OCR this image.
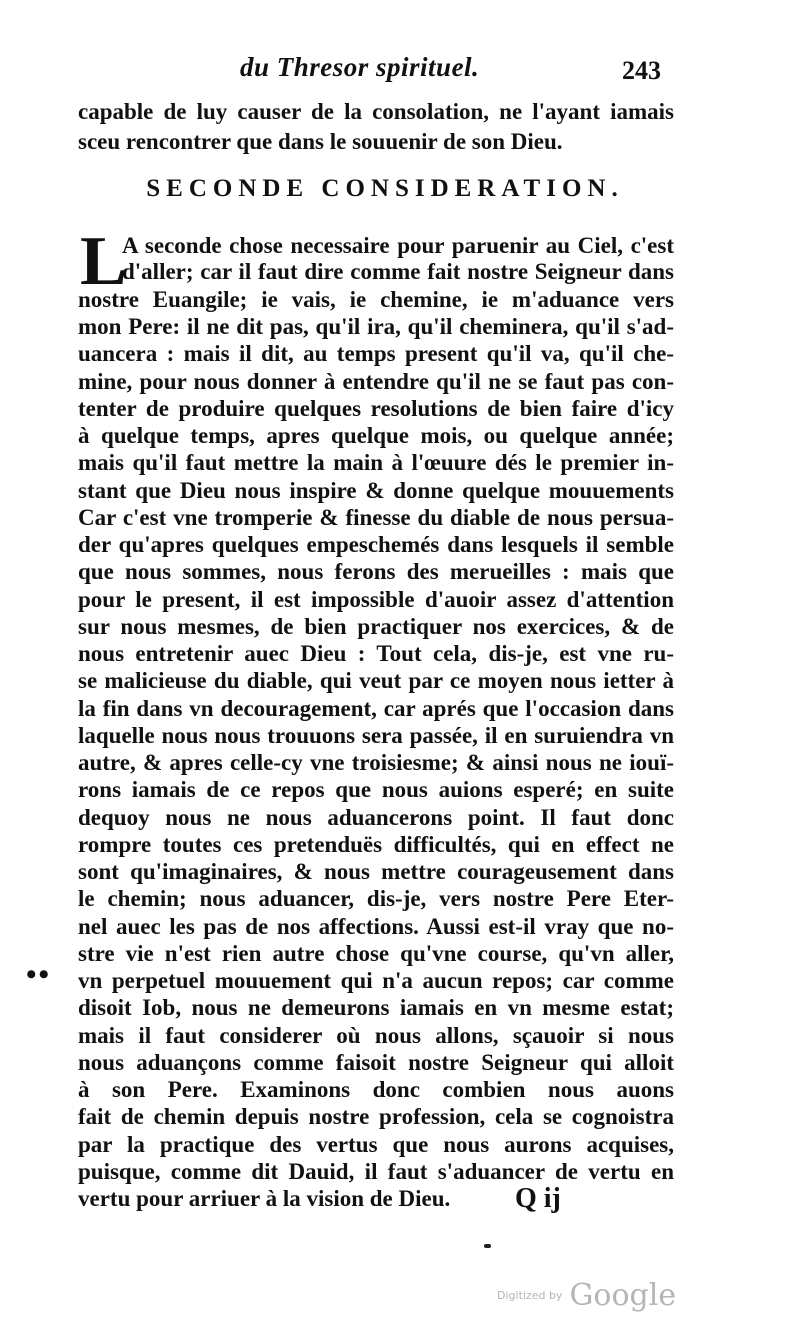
du Thresor spirituel.	243
capable de luy causer de la consolation, ne l'ayant iamais
sceu rencontrer que dans le souuenir de son Dieu.
SECONDE CONSIDERATION.
L
A seconde chose necessaire pour paruenir au Ciel, c'est
d'aller; car il faut dire comme fait nostre Seigneur dans
nostre Euangile; ie vais, ie chemine, ie m'aduance vers
mon Pere: il ne dit pas, qu'il ira, qu'il cheminera, qu'il s'ad-
uancera : mais il dit, au temps present qu'il va, qu'il che-
mine, pour nous donner à entendre qu'il ne se faut pas con-
tenter de produire quelques resolutions de bien faire d'icy
à quelque temps, apres quelque mois, ou quelque année;
mais qu'il faut mettre la main à l'œuure dés le premier in-
stant que Dieu nous inspire & donne quelque mouuements
Car c'est vne tromperie & finesse du diable de nous persua-
der qu'apres quelques empeschemés dans lesquels il semble
que nous sommes, nous ferons des merueilles : mais que
pour le present, il est impossible d'auoir assez d'attention
sur nous mesmes, de bien practiquer nos exercices, & de
nous entretenir auec Dieu : Tout cela, dis-je, est vne ru-
se malicieuse du diable, qui veut par ce moyen nous ietter à
la fin dans vn decouragement, car aprés que l'occasion dans
laquelle nous nous trouuons sera passée, il en suruiendra vn
autre, & apres celle-cy vne troisiesme; & ainsi nous ne iouï-
rons iamais de ce repos que nous auions esperé; en suite
dequoy nous ne nous aduancerons point. Il faut donc
rompre toutes ces pretenduës difficultés, qui en effect ne
sont qu'imaginaires, & nous mettre courageusement dans
le chemin; nous aduancer, dis-je, vers nostre Pere Eter-
nel auec les pas de nos affections. Aussi est-il vray que no-
stre vie n'est rien autre chose qu'vne course, qu'vn aller,
vn perpetuel mouuement qui n'a aucun repos; car comme
disoit Iob, nous ne demeurons iamais en vn mesme estat;
mais il faut considerer où nous allons, sçauoir si nous
nous aduançons comme faisoit nostre Seigneur qui alloit
à son Pere. Examinons donc combien nous auons
fait de chemin depuis nostre profession, cela se cognoistra
par la practique des vertus que nous aurons acquises,
puisque, comme dit Dauid, il faut s'aduancer de vertu en
vertu pour arriuer à la vision de Dieu.
••
Q ij
Digitized by Google
